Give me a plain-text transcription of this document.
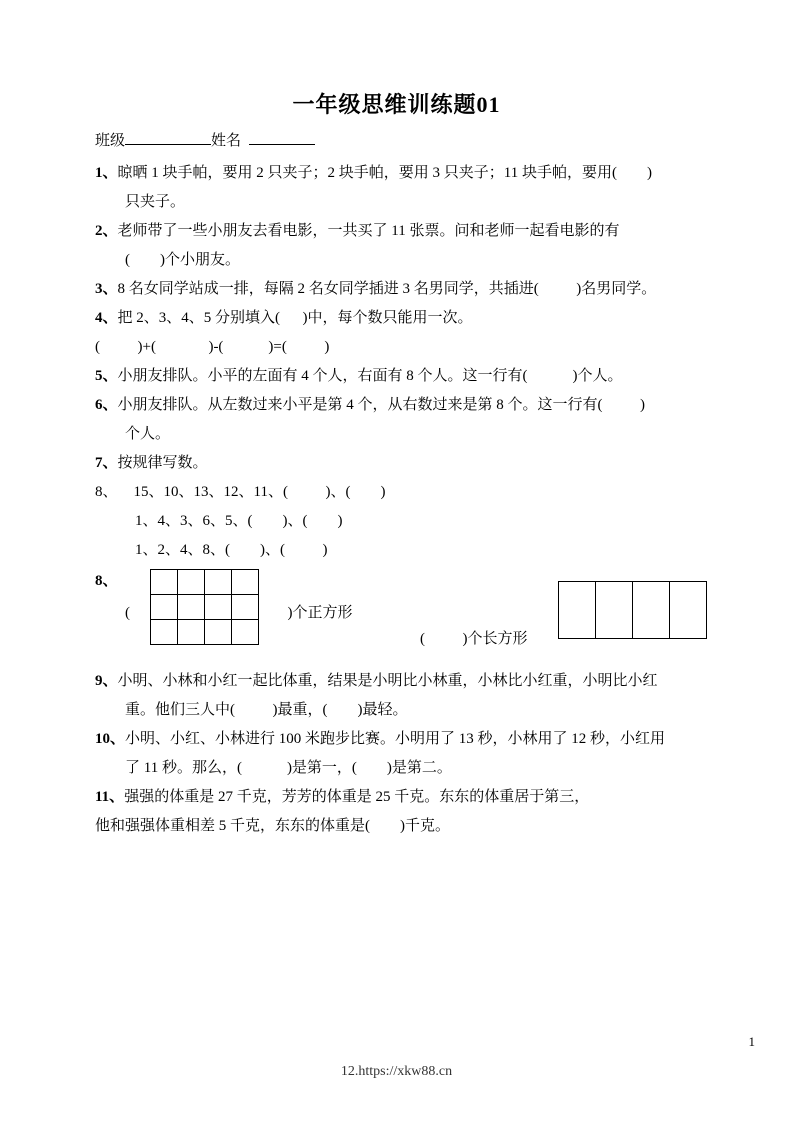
一年级思维训练题01
班级	姓名
1、晾晒 1 块手帕，要用 2 只夹子；2 块手帕，要用 3 只夹子；11 块手帕，要用(        )
只夹子。
2、老师带了一些小朋友去看电影，一共买了 11 张票。问和老师一起看电影的有
(        )个小朋友。
3、8 名女同学站成一排，每隔 2 名女同学插进 3 名男同学，共插进(          )名男同学。
4、把 2、3、4、5 分别填入(      )中，每个数只能用一次。
(          )+(              )-(            )=(          )
5、小朋友排队。小平的左面有 4 个人，右面有 8 个人。这一行有(            )个人。
6、小朋友排队。从左数过来小平是第 4 个，从右数过来是第 8 个。这一行有(          )
个人。
7、按规律写数。
8、 15、10、13、12、11、(          )、(        )
1、4、3、6、5、(        )、(        )
1、2、4、8、(        )、(          )
8、
(                                          )个正方形
(          )个长方形
9、小明、小林和小红一起比体重，结果是小明比小林重，小林比小红重，小明比小红
重。他们三人中(          )最重，(        )最轻。
10、小明、小红、小林进行 100 米跑步比赛。小明用了 13 秒，小林用了 12 秒，小红用
了 11 秒。那么，(            )是第一，(        )是第二。
11、强强的体重是 27 千克，芳芳的体重是 25 千克。东东的体重居于第三，
他和强强体重相差 5 千克，东东的体重是(        )千克。
1
12.https://xkw88.cn
